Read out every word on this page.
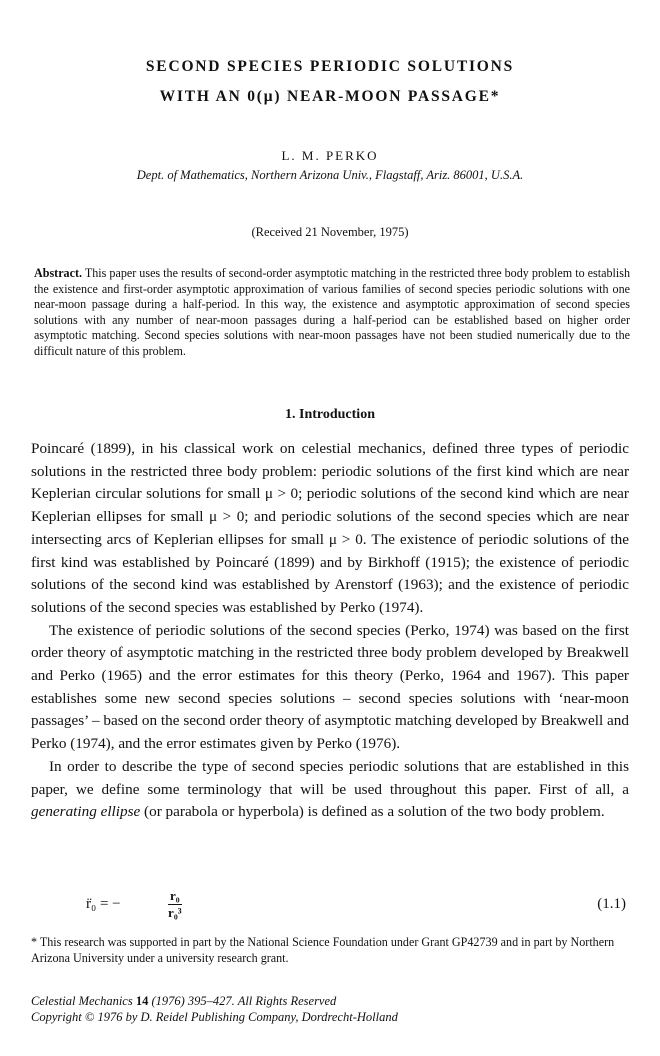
SECOND SPECIES PERIODIC SOLUTIONS
WITH AN 0(μ) NEAR-MOON PASSAGE*
L. M. PERKO
Dept. of Mathematics, Northern Arizona Univ., Flagstaff, Ariz. 86001, U.S.A.
(Received 21 November, 1975)
Abstract. This paper uses the results of second-order asymptotic matching in the restricted three body problem to establish the existence and first-order asymptotic approximation of various families of second species periodic solutions with one near-moon passage during a half-period. In this way, the existence and asymptotic approximation of second species solutions with any number of near-moon passages during a half-period can be established based on higher order asymptotic matching. Second species solutions with near-moon passages have not been studied numerically due to the difficult nature of this problem.
1. Introduction

Poincaré (1899), in his classical work on celestial mechanics, defined three types of periodic solutions in the restricted three body problem: periodic solutions of the first kind which are near Keplerian circular solutions for small μ > 0; periodic solutions of the second kind which are near Keplerian ellipses for small μ > 0; and periodic solutions of the second species which are near intersecting arcs of Keplerian ellipses for small μ > 0. The existence of periodic solutions of the first kind was established by Poincaré (1899) and by Birkhoff (1915); the existence of periodic solutions of the second kind was established by Arenstorf (1963); and the existence of periodic solutions of the second species was established by Perko (1974).

The existence of periodic solutions of the second species (Perko, 1974) was based on the first order theory of asymptotic matching in the restricted three body problem developed by Breakwell and Perko (1965) and the error estimates for this theory (Perko, 1964 and 1967). This paper establishes some new second species solutions – second species solutions with ‘near-moon passages’ – based on the second order theory of asymptotic matching developed by Breakwell and Perko (1974), and the error estimates given by Perko (1976).

In order to describe the type of second species periodic solutions that are established in this paper, we define some terminology that will be used throughout this paper. First of all, a generating ellipse (or parabola or hyperbola) is defined as a solution of the two body problem.

r̈₀ = −	$\frac{\text{r₀}}{\text{r₀³}}$	(1.1)
* This research was supported in part by the National Science Foundation under Grant GP42739 and in part by Northern Arizona University under a university research grant.
Celestial Mechanics 14 (1976) 395–427. All Rights Reserved
Copyright © 1976 by D. Reidel Publishing Company, Dordrecht-Holland
